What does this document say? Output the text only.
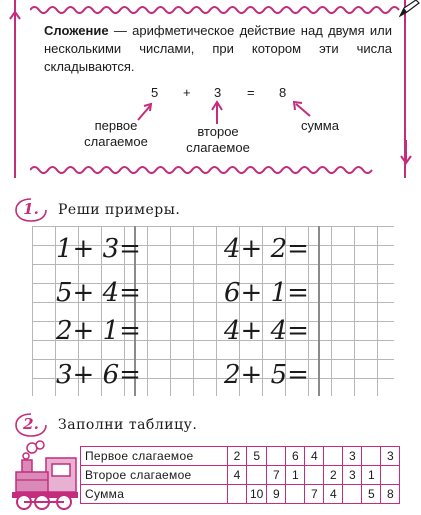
Сложение — арифметическое действие над двумя или несколькими числами, при котором эти числа складываются.
5 + 3 = 8
первое слагаемое
второе слагаемое
сумма
1.	Реши примеры.
1+ 3=
5+ 4=
2+ 1=
3+ 6=
4+ 2=
6+ 1=
4+ 4=
2+ 5=
2.	Заполни таблицу.
Первое слагаемое	2	5		6	4		3		3
Второе слагаемое	4		7	1		2	3	1	
Сумма		10	9		7	4		5	8
